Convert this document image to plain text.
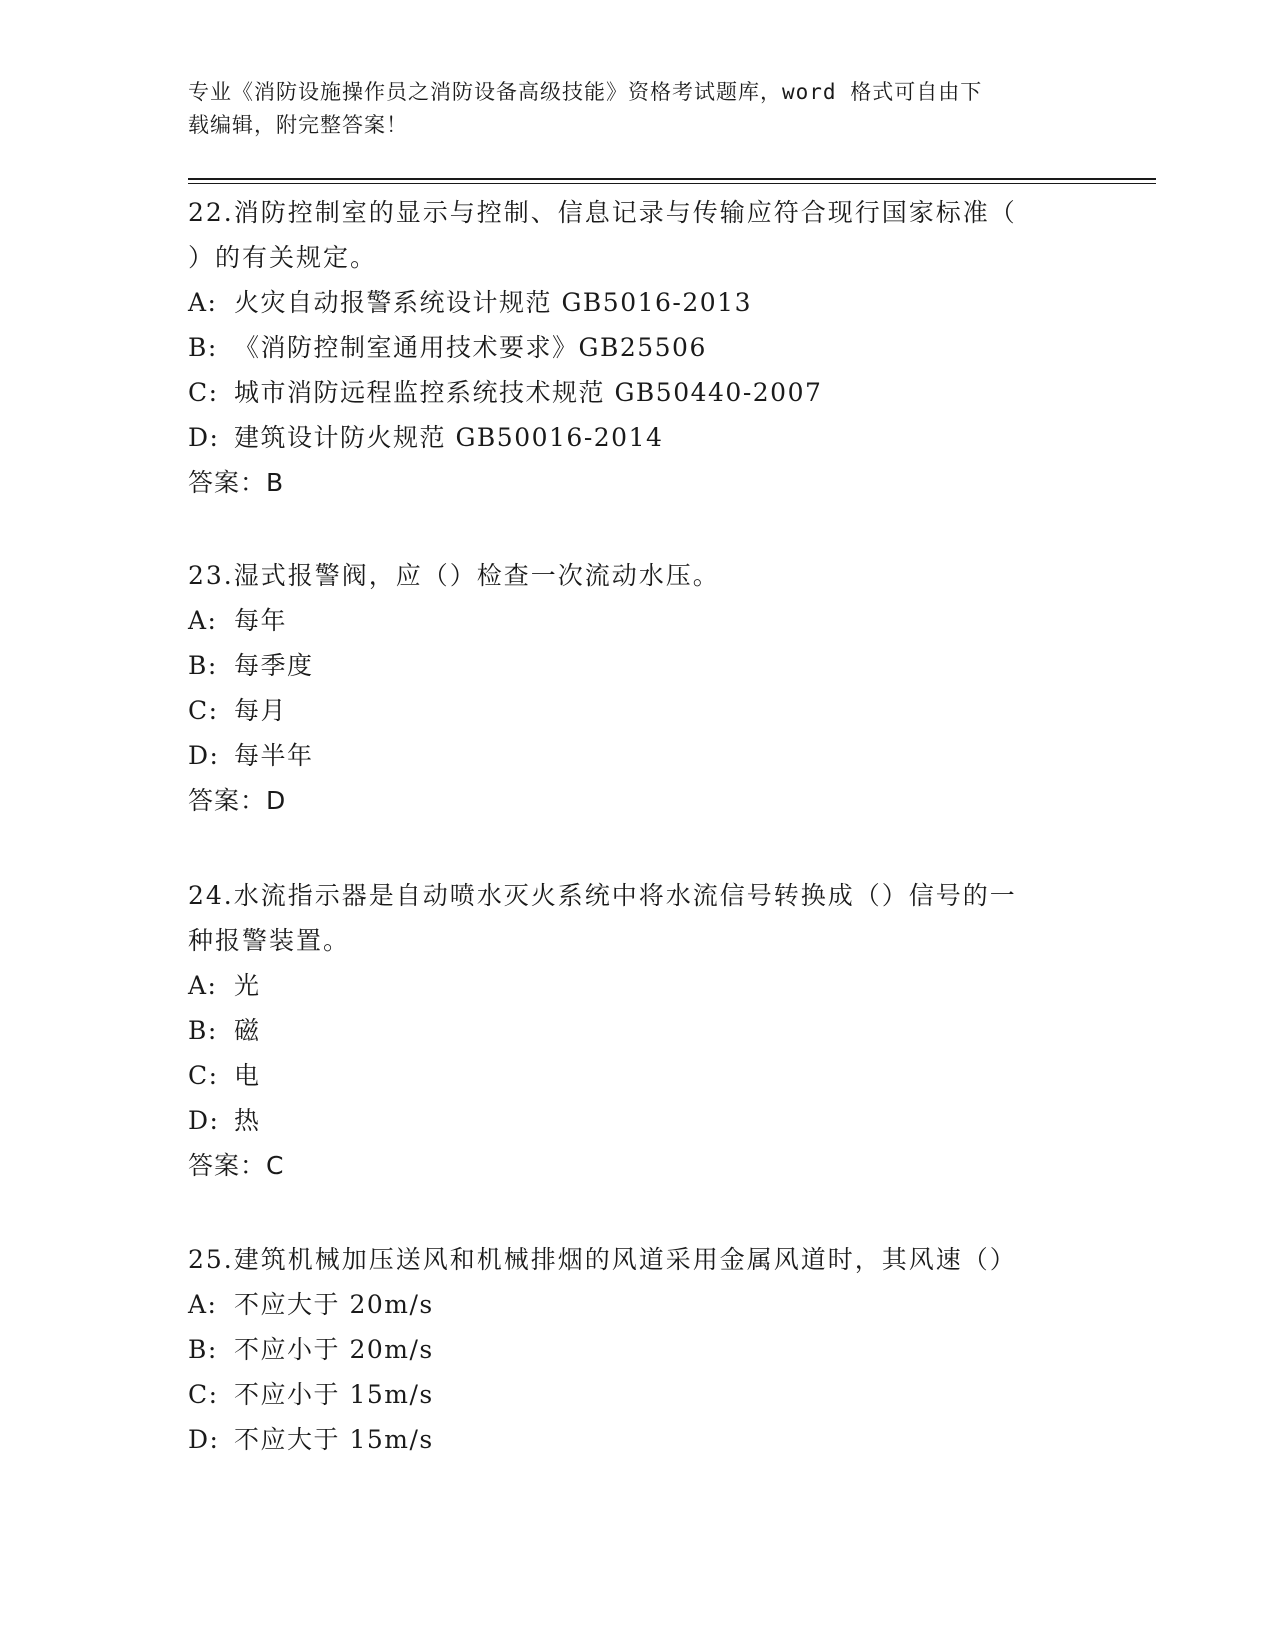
专业《消防设施操作员之消防设备高级技能》资格考试题库，word 格式可自由下
载编辑，附完整答案！

22.消防控制室的显示与控制、信息记录与传输应符合现行国家标准（

）的有关规定。

A: 火灾自动报警系统设计规范 GB5016-2013

B: 《消防控制室通用技术要求》GB25506

C: 城市消防远程监控系统技术规范 GB50440-2007

D: 建筑设计防火规范 GB50016-2014

答案：B

23.湿式报警阀，应（）检查一次流动水压。

A: 每年

B: 每季度

C: 每月

D: 每半年

答案：D

24.水流指示器是自动喷水灭火系统中将水流信号转换成（）信号的一

种报警装置。

A: 光

B: 磁

C: 电

D: 热

答案：C

25.建筑机械加压送风和机械排烟的风道采用金属风道时，其风速（）

A: 不应大于 20m/s

B: 不应小于 20m/s

C: 不应小于 15m/s

D: 不应大于 15m/s
